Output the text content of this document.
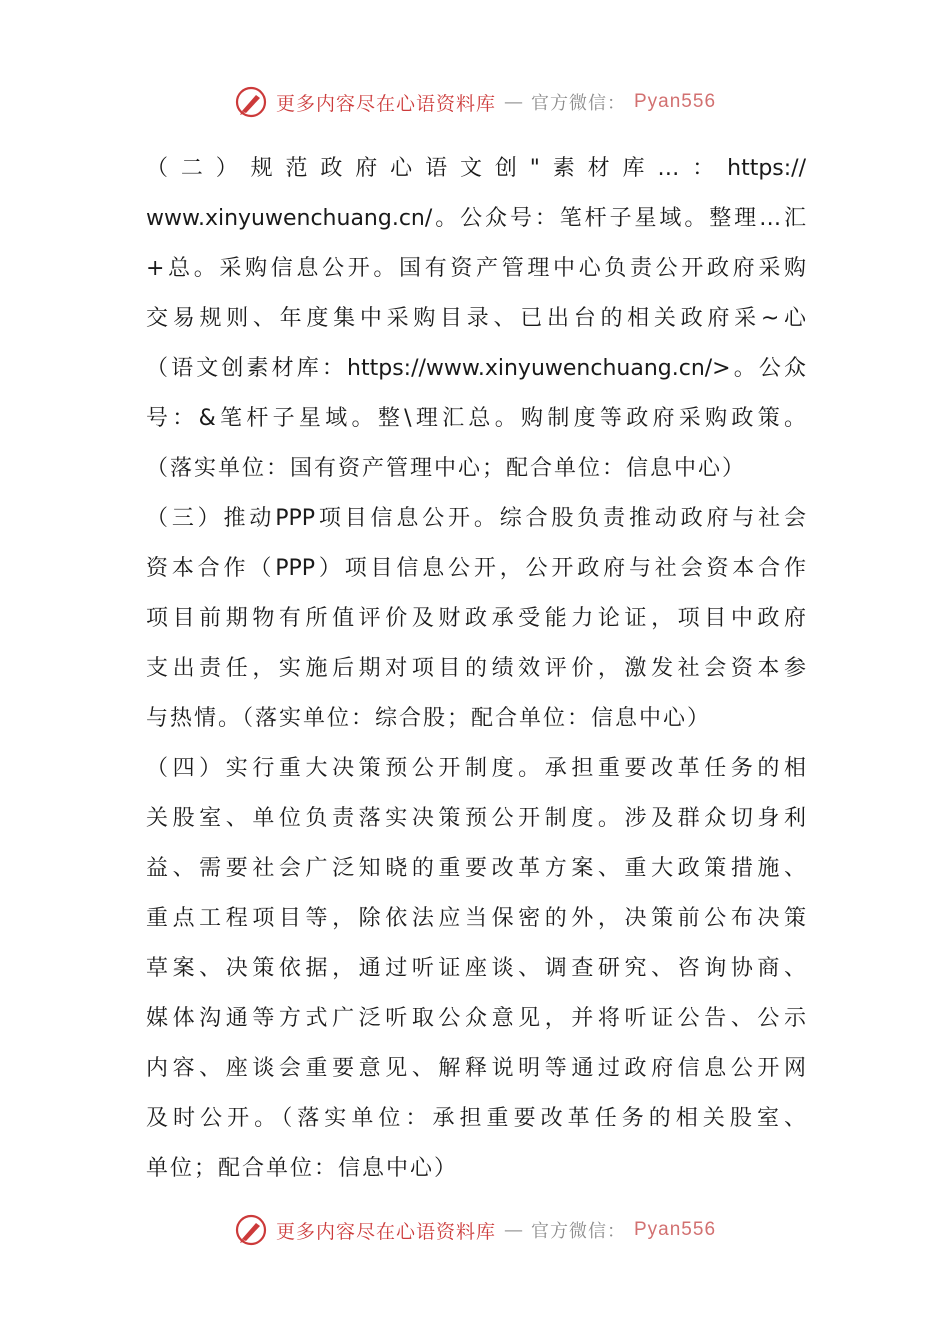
更多内容尽在心语资料库 — 官方微信： Pyan556
（二）规范政府心语文创"素材库…：https://
www.xinyuwenchuang.cn/。公众号：笔杆子星域。整理…汇
+总。采购信息公开。国有资产管理中心负责公开政府采购
交易规则、年度集中采购目录、已出台的相关政府采~心
（语文创素材库：https://www.xinyuwenchuang.cn/>。公众
号：&笔杆子星域。整\理汇总。购制度等政府采购政策。
（落实单位：国有资产管理中心；配合单位：信息中心）
（三）推动PPP项目信息公开。综合股负责推动政府与社会
资本合作（PPP）项目信息公开，公开政府与社会资本合作
项目前期物有所值评价及财政承受能力论证，项目中政府
支出责任，实施后期对项目的绩效评价，激发社会资本参
与热情。（落实单位：综合股；配合单位：信息中心）
（四）实行重大决策预公开制度。承担重要改革任务的相
关股室、单位负责落实决策预公开制度。涉及群众切身利
益、需要社会广泛知晓的重要改革方案、重大政策措施、
重点工程项目等，除依法应当保密的外，决策前公布决策
草案、决策依据，通过听证座谈、调查研究、咨询协商、
媒体沟通等方式广泛听取公众意见，并将听证公告、公示
内容、座谈会重要意见、解释说明等通过政府信息公开网
及时公开。（落实单位：承担重要改革任务的相关股室、
单位；配合单位：信息中心）
更多内容尽在心语资料库 — 官方微信： Pyan556
